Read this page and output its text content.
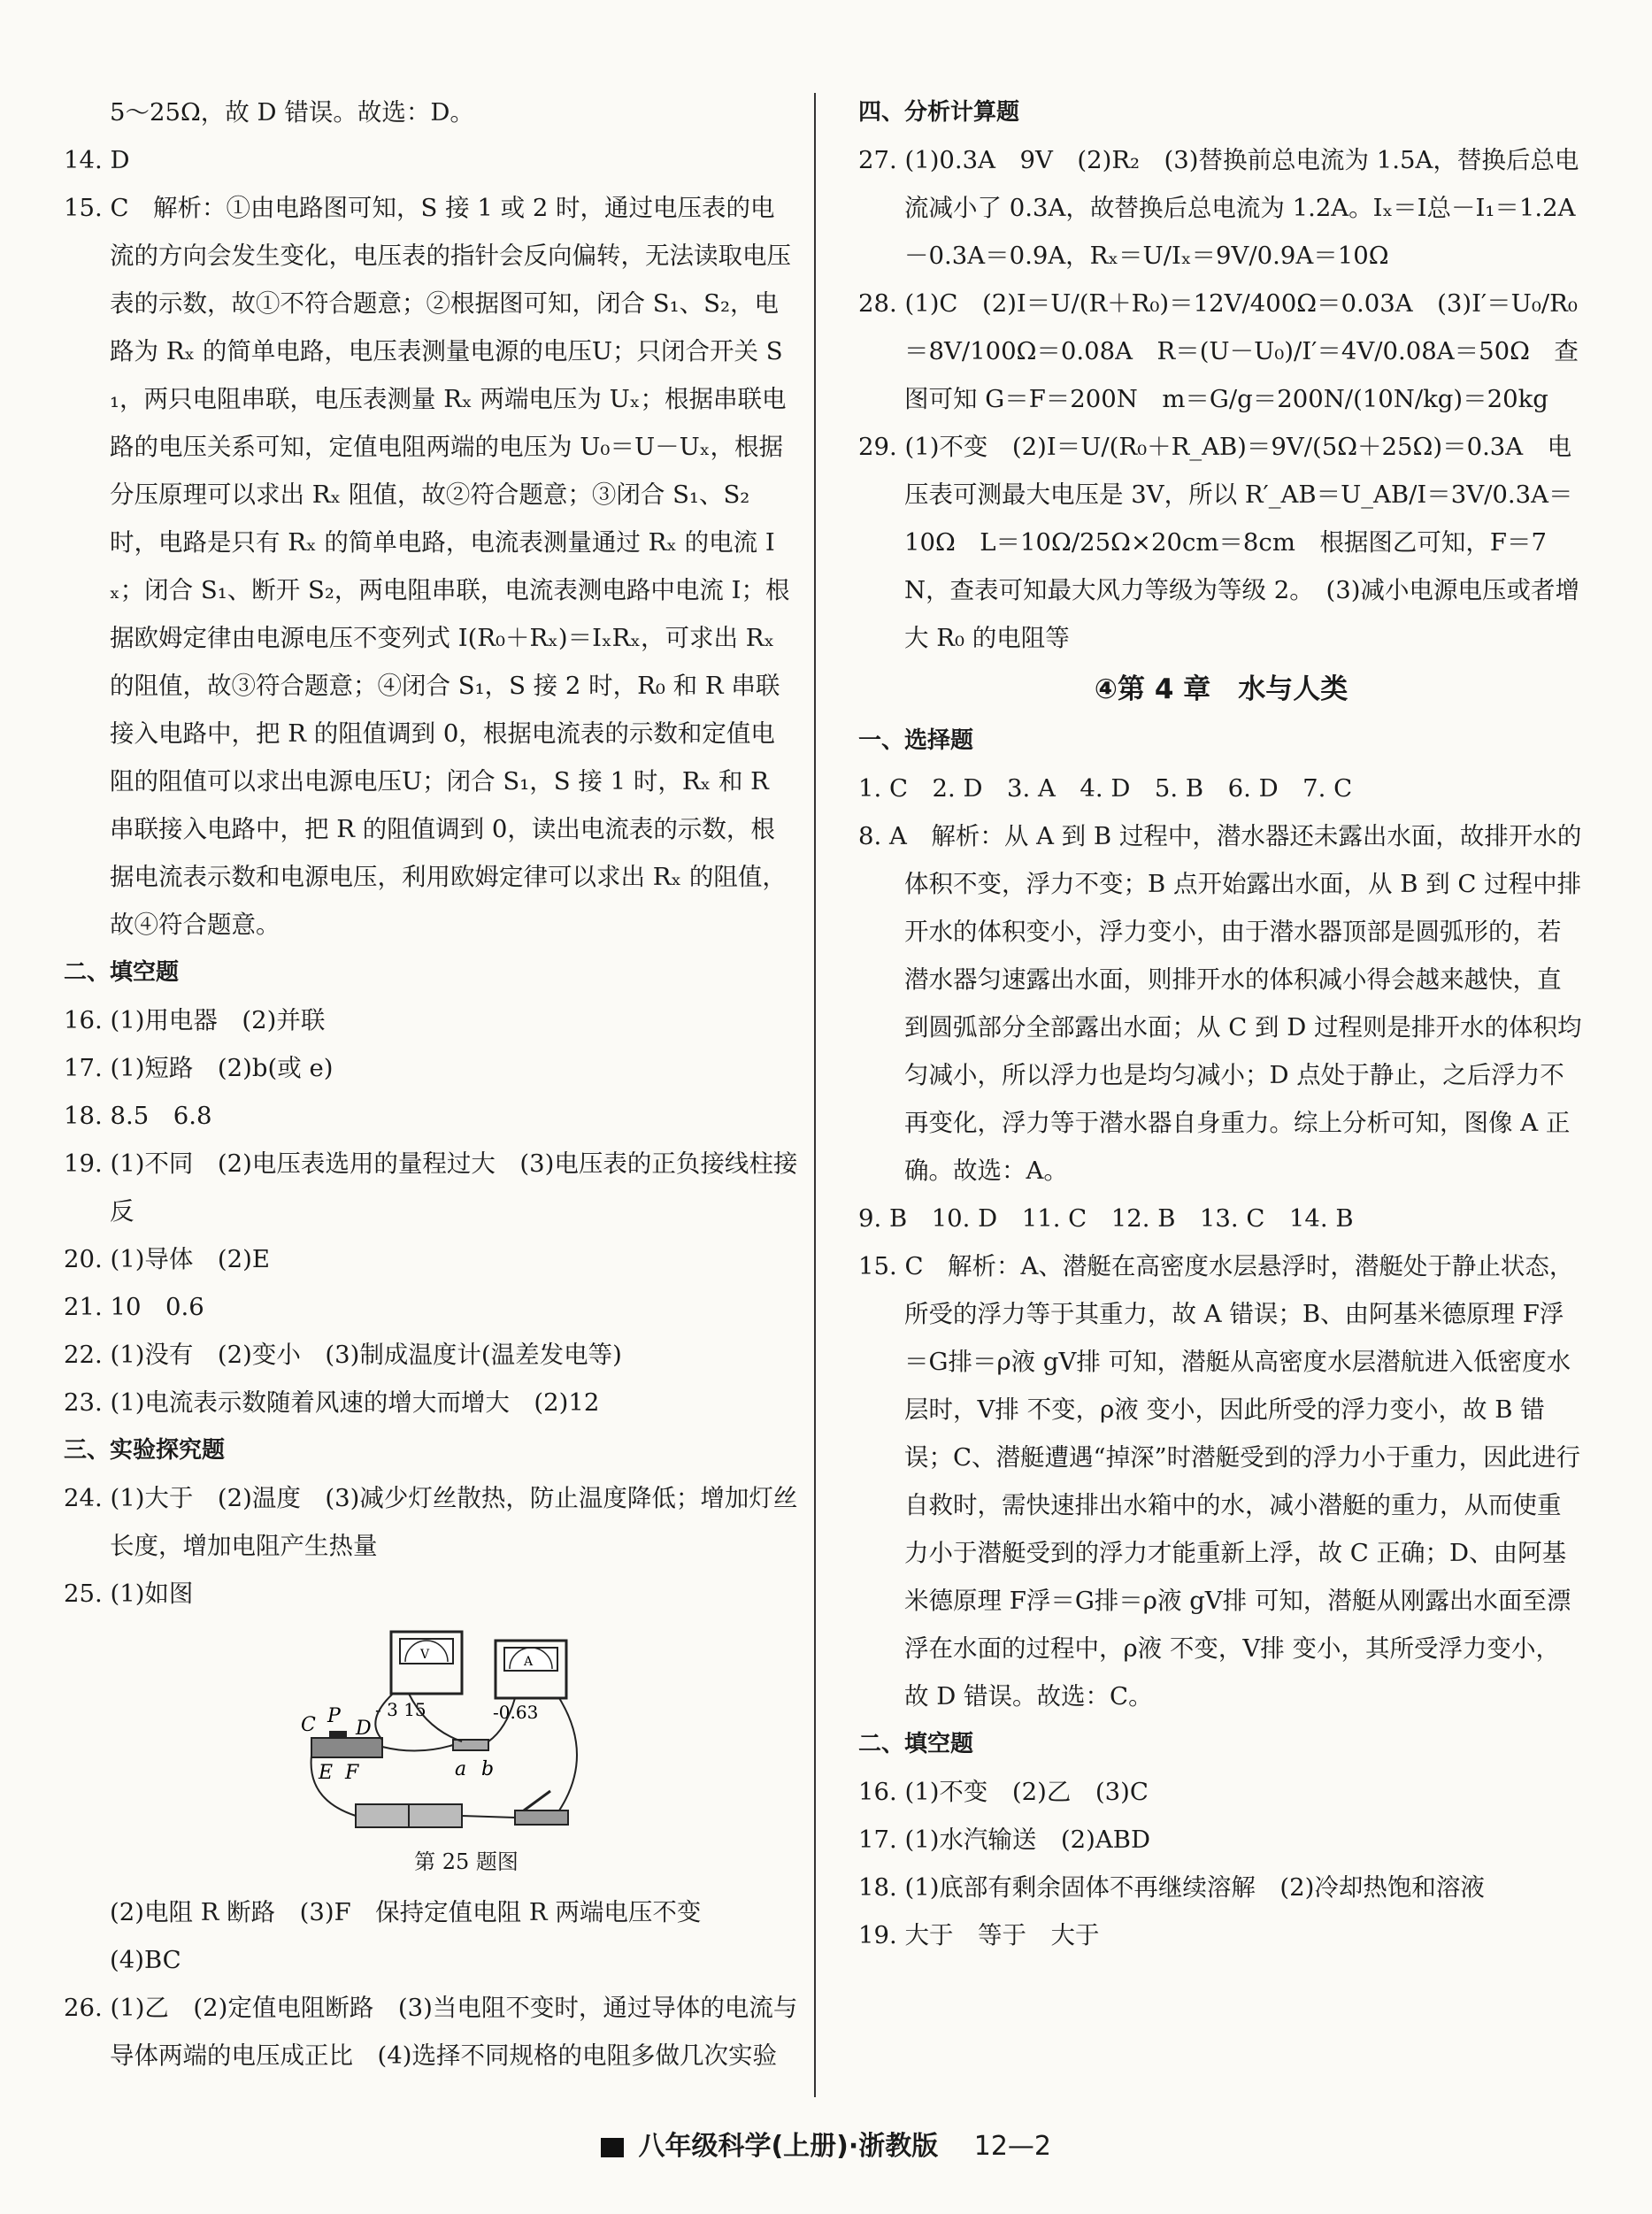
5～25Ω，故 D 错误。故选：D。

14. D

15. C　解析：①由电路图可知，S 接 1 或 2 时，通过电压表的电流的方向会发生变化，电压表的指针会反向偏转，无法读取电压表的示数，故①不符合题意；②根据图可知，闭合 S₁、S₂，电路为 Rₓ 的简单电路，电压表测量电源的电压U；只闭合开关 S₁，两只电阻串联，电压表测量 Rₓ 两端电压为 Uₓ；根据串联电路的电压关系可知，定值电阻两端的电压为 U₀＝U－Uₓ，根据分压原理可以求出 Rₓ 阻值，故②符合题意；③闭合 S₁、S₂ 时，电路是只有 Rₓ 的简单电路，电流表测量通过 Rₓ 的电流 Iₓ；闭合 S₁、断开 S₂，两电阻串联，电流表测电路中电流 I；根据欧姆定律由电源电压不变列式 I(R₀＋Rₓ)＝IₓRₓ，可求出 Rₓ 的阻值，故③符合题意；④闭合 S₁，S 接 2 时，R₀ 和 R 串联接入电路中，把 R 的阻值调到 0，根据电流表的示数和定值电阻的阻值可以求出电源电压U；闭合 S₁，S 接 1 时，Rₓ 和 R 串联接入电路中，把 R 的阻值调到 0，读出电流表的示数，根据电流表示数和电源电压，利用欧姆定律可以求出 Rₓ 的阻值，故④符合题意。

二、填空题

16. (1)用电器　(2)并联

17. (1)短路　(2)b(或 e)

18. 8.5　6.8

19. (1)不同　(2)电压表选用的量程过大　(3)电压表的正负接线柱接反

20. (1)导体　(2)E

21. 10　0.6

22. (1)没有　(2)变小　(3)制成温度计(温差发电等)

23. (1)电流表示数随着风速的增大而增大　(2)12

三、实验探究题

24. (1)大于　(2)温度　(3)减少灯丝散热，防止温度降低；增加灯丝长度，增加电阻产生热量

25. (1)如图

V
- 3 15
A
-0.63
C P
D
E F	a b
第 25 题图

(2)电阻 R 断路　(3)F　保持定值电阻 R 两端电压不变

(4)BC

26. (1)乙　(2)定值电阻断路　(3)当电阻不变时，通过导体的电流与导体两端的电压成正比　(4)选择不同规格的电阻多做几次实验

四、分析计算题

27. (1)0.3A　9V　(2)R₂　(3)替换前总电流为 1.5A，替换后总电流减小了 0.3A，故替换后总电流为 1.2A。Iₓ＝I总－I₁＝1.2A－0.3A＝0.9A，Rₓ＝U/Iₓ＝9V/0.9A＝10Ω

28. (1)C　(2)I＝U/(R＋R₀)＝12V/400Ω＝0.03A　(3)I′＝U₀/R₀＝8V/100Ω＝0.08A　R＝(U－U₀)/I′＝4V/0.08A＝50Ω　查图可知 G＝F＝200N　m＝G/g＝200N/(10N/kg)＝20kg

29. (1)不变　(2)I＝U/(R₀＋R_AB)＝9V/(5Ω＋25Ω)＝0.3A　电压表可测最大电压是 3V，所以 R′_AB＝U_AB/I＝3V/0.3A＝10Ω　L＝10Ω/25Ω×20cm＝8cm　根据图乙可知，F＝7N，查表可知最大风力等级为等级 2。　(3)减小电源电压或者增大 R₀ 的电阻等

④第 4 章　水与人类

一、选择题

1. C　2. D　3. A　4. D　5. B　6. D　7. C

8. A　解析：从 A 到 B 过程中，潜水器还未露出水面，故排开水的体积不变，浮力不变；B 点开始露出水面，从 B 到 C 过程中排开水的体积变小，浮力变小，由于潜水器顶部是圆弧形的，若潜水器匀速露出水面，则排开水的体积减小得会越来越快，直到圆弧部分全部露出水面；从 C 到 D 过程则是排开水的体积均匀减小，所以浮力也是均匀减小；D 点处于静止，之后浮力不再变化，浮力等于潜水器自身重力。综上分析可知，图像 A 正确。故选：A。

9. B　10. D　11. C　12. B　13. C　14. B

15. C　解析：A、潜艇在高密度水层悬浮时，潜艇处于静止状态，所受的浮力等于其重力，故 A 错误；B、由阿基米德原理 F浮＝G排＝ρ液 gV排 可知，潜艇从高密度水层潜航进入低密度水层时，V排 不变，ρ液 变小，因此所受的浮力变小，故 B 错误；C、潜艇遭遇“掉深”时潜艇受到的浮力小于重力，因此进行自救时，需快速排出水箱中的水，减小潜艇的重力，从而使重力小于潜艇受到的浮力才能重新上浮，故 C 正确；D、由阿基米德原理 F浮＝G排＝ρ液 gV排 可知，潜艇从刚露出水面至漂浮在水面的过程中，ρ液 不变，V排 变小，其所受浮力变小，故 D 错误。故选：C。

二、填空题

16. (1)不变　(2)乙　(3)C

17. (1)水汽输送　(2)ABD

18. (1)底部有剩余固体不再继续溶解　(2)冷却热饱和溶液

19. 大于　等于　大于

八年级科学(上册)·浙教版 12—2
